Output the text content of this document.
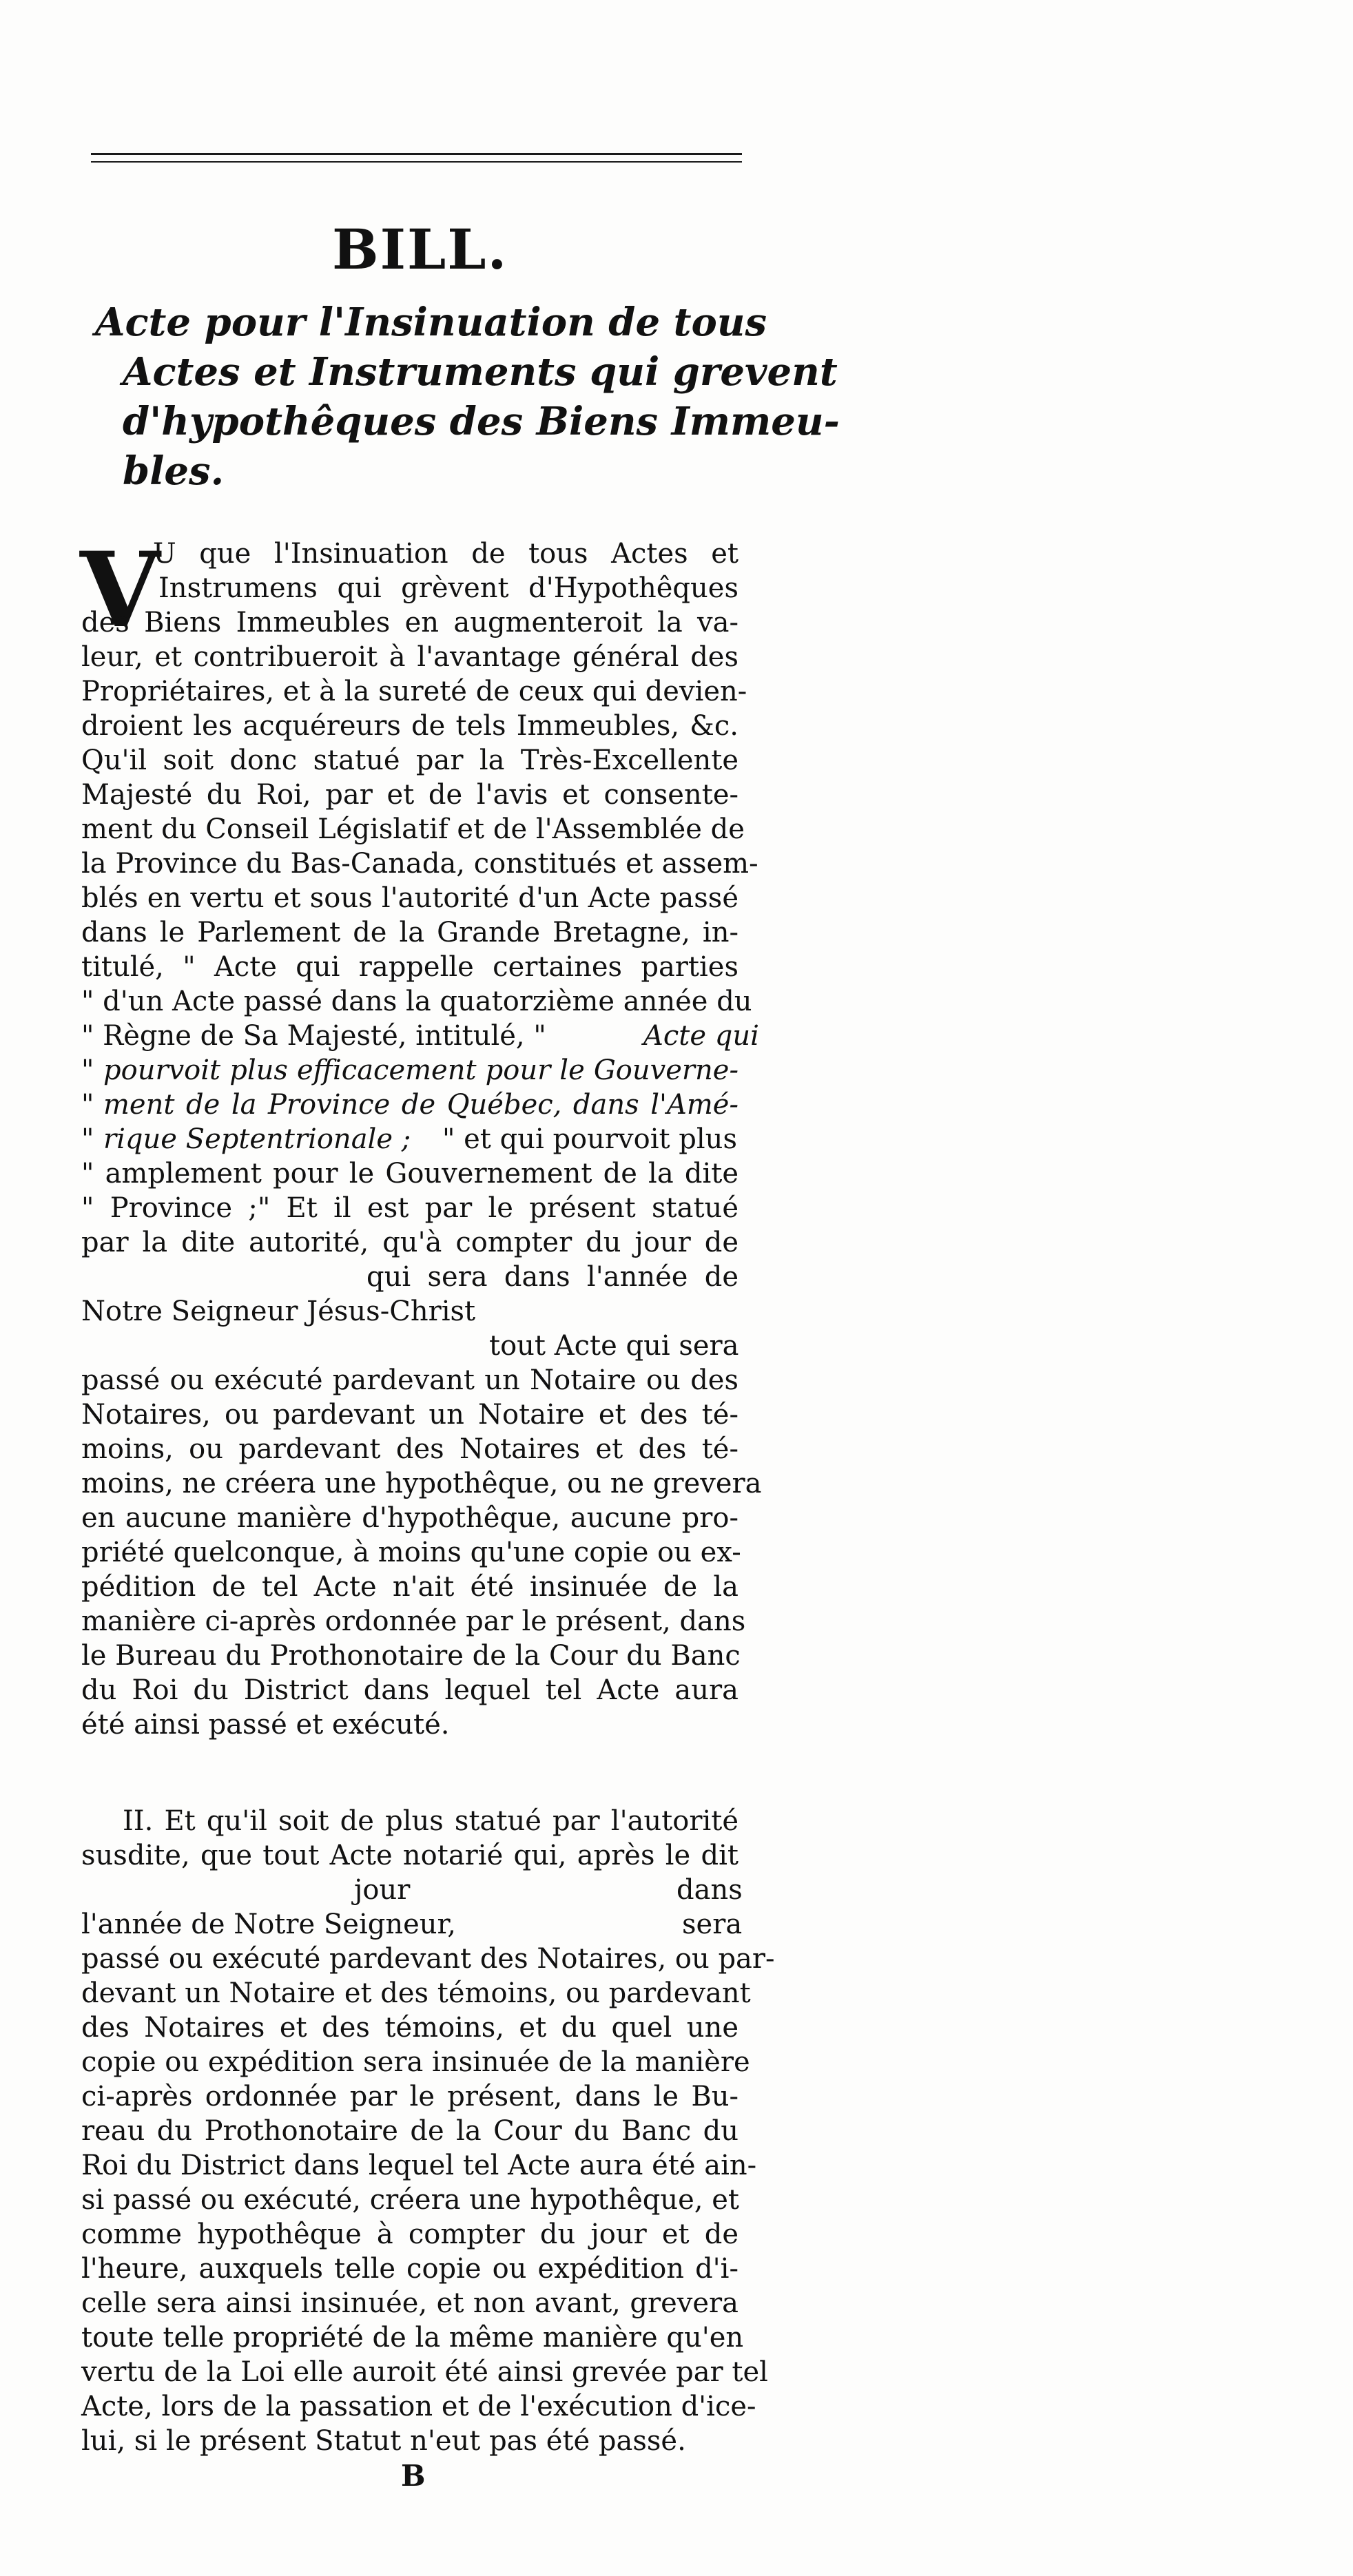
BILL.
Acte pour l'Insinuation de tous
Actes et Instruments qui grevent
d'hypothêques des Biens Immeu-
bles.
V
U que l'Insinuation de tous Actes et
Instrumens qui grèvent d'Hypothêques
des Biens Immeubles en augmenteroit la va-
leur, et contribueroit à l'avantage général des
Propriétaires, et à la sureté de ceux qui devien-
droient les acquéreurs de tels Immeubles, &c.
Qu'il soit donc statué par la Très-Excellente
Majesté du Roi, par et de l'avis et consente-
ment du Conseil Législatif et de l'Assemblée de
la Province du Bas-Canada, constitués et assem-
blés en vertu et sous l'autorité d'un Acte passé
dans le Parlement de la Grande Bretagne, in-
titulé, " Acte qui rappelle certaines parties
" d'un Acte passé dans la quatorzième année du
" Règne de Sa Majesté, intitulé, "	Acte qui
" pourvoit plus efficacement pour le Gouverne-
" ment de la Province de Québec, dans l'Amé-
" rique Septentrionale ; " et qui pourvoit plus
" amplement pour le Gouvernement de la dite
" Province ;" Et il est par le présent statué
par la dite autorité, qu'à compter du jour de
qui sera dans l'année de
Notre Seigneur Jésus-Christ
tout Acte qui sera
passé ou exécuté pardevant un Notaire ou des
Notaires, ou pardevant un Notaire et des té-
moins, ou pardevant des Notaires et des té-
moins, ne créera une hypothêque, ou ne grevera
en aucune manière d'hypothêque, aucune pro-
priété quelconque, à moins qu'une copie ou ex-
pédition de tel Acte n'ait été insinuée de la
manière ci-après ordonnée par le présent, dans
le Bureau du Prothonotaire de la Cour du Banc
du Roi du District dans lequel tel Acte aura
été ainsi passé et exécuté.
II. Et qu'il soit de plus statué par l'autorité
susdite, que tout Acte notarié qui, après le dit
jour	dans
l'année de Notre Seigneur,	sera
passé ou exécuté pardevant des Notaires, ou par-
devant un Notaire et des témoins, ou pardevant
des Notaires et des témoins, et du quel une
copie ou expédition sera insinuée de la manière
ci-après ordonnée par le présent, dans le Bu-
reau du Prothonotaire de la Cour du Banc du
Roi du District dans lequel tel Acte aura été ain-
si passé ou exécuté, créera une hypothêque, et
comme hypothêque à compter du jour et de
l'heure, auxquels telle copie ou expédition d'i-
celle sera ainsi insinuée, et non avant, grevera
toute telle propriété de la même manière qu'en
vertu de la Loi elle auroit été ainsi grevée par tel
Acte, lors de la passation et de l'exécution d'ice-
lui, si le présent Statut n'eut pas été passé.
B
